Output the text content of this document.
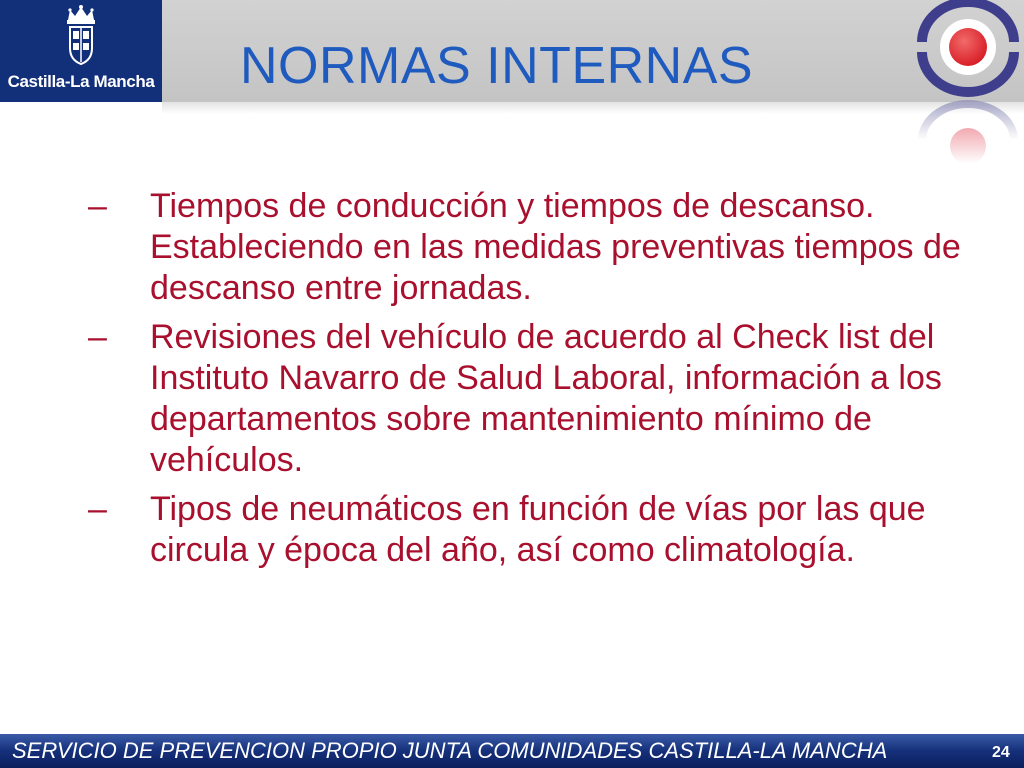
Castilla-La Mancha NORMAS INTERNAS
–	Tiempos de conducción y tiempos de descanso. Estableciendo en las medidas preventivas tiempos de descanso entre jornadas.
–	Revisiones del vehículo de acuerdo al Check list del Instituto Navarro de Salud Laboral, información a los departamentos sobre mantenimiento mínimo de vehículos.
–	Tipos de neumáticos en función de vías por las que circula y época del año, así como climatología.
SERVICIO DE PREVENCION PROPIO JUNTA COMUNIDADES CASTILLA-LA MANCHA	24
